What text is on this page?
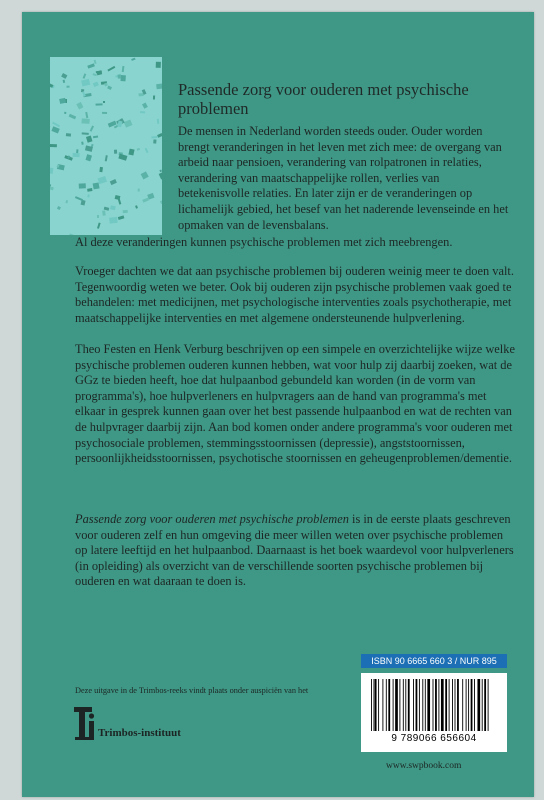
Passende zorg voor ouderen met psychische problemen
De mensen in Nederland worden steeds ouder. Ouder worden brengt veranderingen in het leven met zich mee: de overgang van arbeid naar pensioen, verandering van rolpatronen in relaties, verandering van maatschappelijke rollen, verlies van betekenisvolle relaties. En later zijn er de veranderingen op lichamelijk gebied, het besef van het naderende levenseinde en het opmaken van de levensbalans.
Al deze veranderingen kunnen psychische problemen met zich meebrengen.
Vroeger dachten we dat aan psychische problemen bij ouderen weinig meer te doen valt. Tegenwoordig weten we beter. Ook bij ouderen zijn psychische problemen vaak goed te behandelen: met medicijnen, met psychologische interventies zoals psychotherapie, met maatschappelijke interventies en met algemene ondersteunende hulpverlening.
Theo Festen en Henk Verburg beschrijven op een simpele en overzichtelijke wijze welke psychische problemen ouderen kunnen hebben, wat voor hulp zij daarbij zoeken, wat de GGz te bieden heeft, hoe dat hulpaanbod gebundeld kan worden (in de vorm van programma's), hoe hulpverleners en hulpvragers aan de hand van programma's met elkaar in gesprek kunnen gaan over het best passende hulpaanbod en wat de rechten van de hulpvrager daarbij zijn. Aan bod komen onder andere programma's voor ouderen met psychosociale problemen, stemmingsstoornissen (depressie), angststoornissen, persoonlijkheidsstoornissen, psychotische stoornissen en geheugenproblemen/dementie.
Passende zorg voor ouderen met psychische problemen is in de eerste plaats geschreven voor ouderen zelf en hun omgeving die meer willen weten over psychische problemen op latere leeftijd en het hulpaanbod. Daarnaast is het boek waardevol voor hulpverleners (in opleiding) als overzicht van de verschillende soorten psychische problemen bij ouderen en wat daaraan te doen is.
ISBN 90 6665 660 3 / NUR 895
9 789066 656604
www.swpbook.com
Deze uitgave in de Trimbos-reeks vindt plaats onder auspiciën van het
Trimbos-instituut
